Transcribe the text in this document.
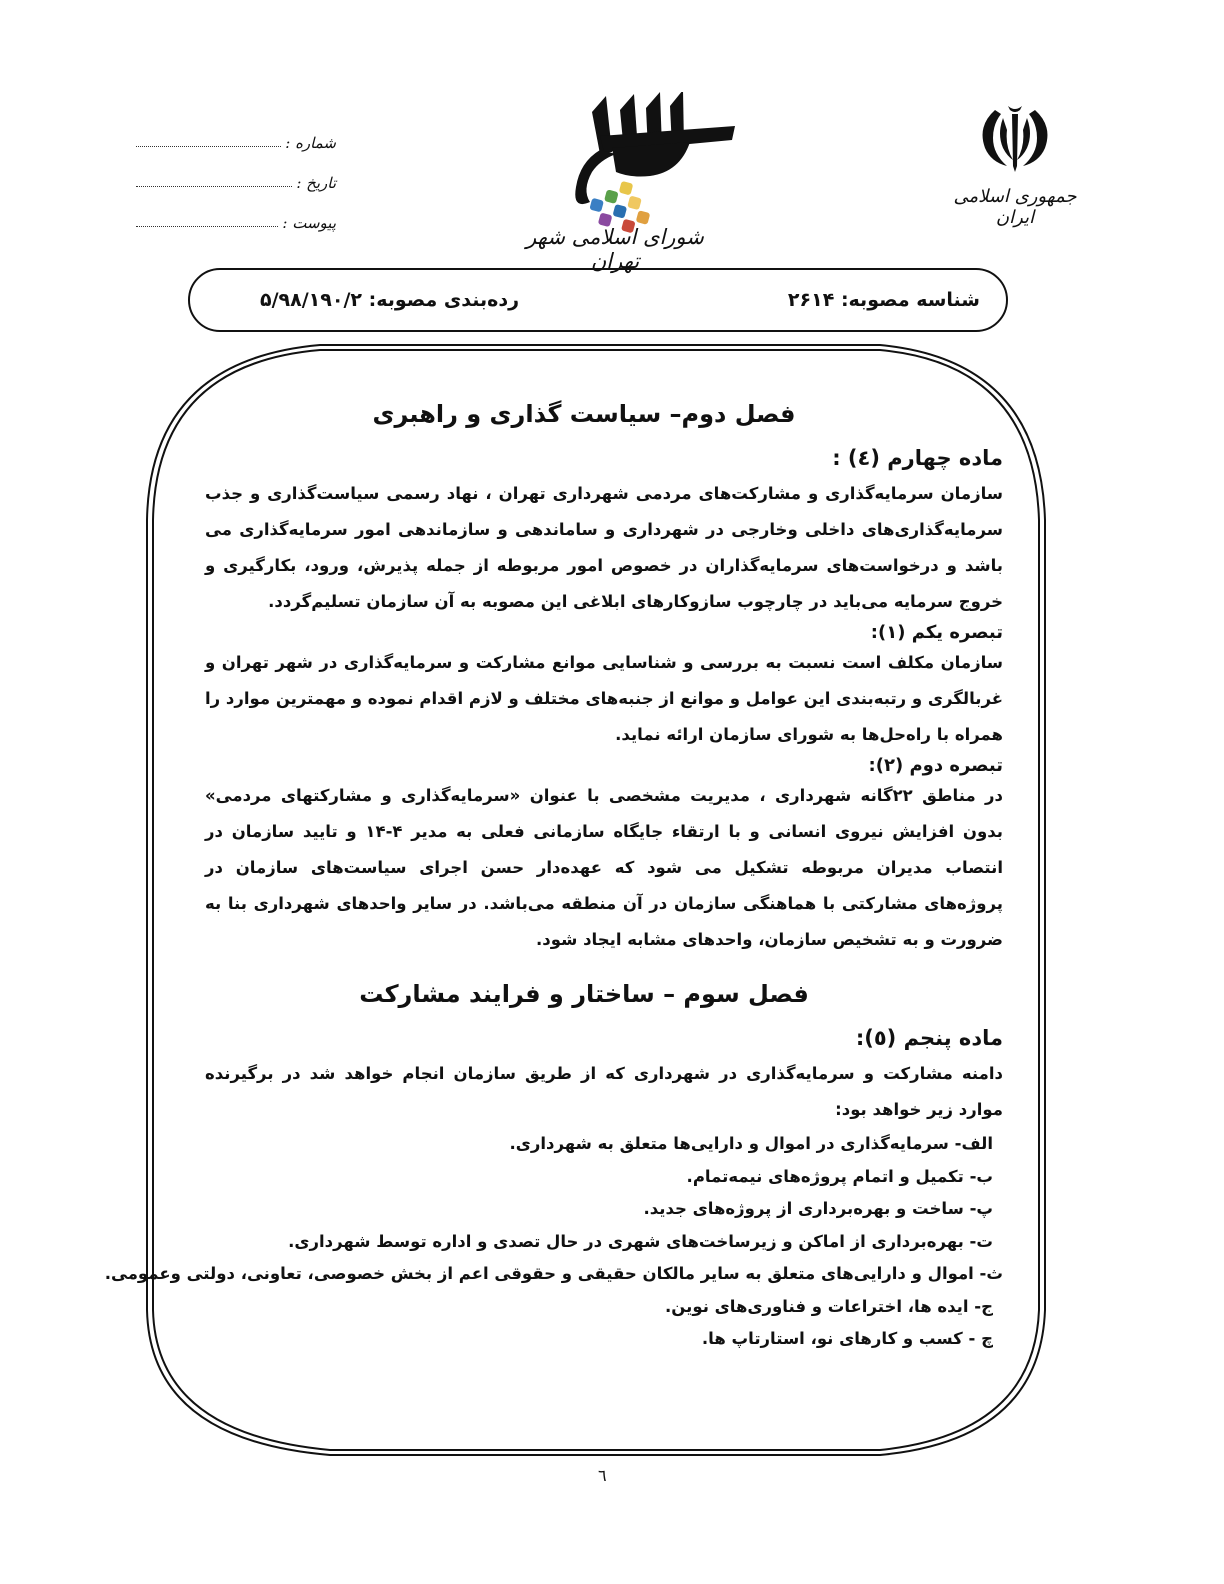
شماره :
تاریخ :
پیوست :
شورای اسلامی شهر تهران
جمهوری اسلامی ایران
شناسه مصوبه: ۲۶۱۴
رده‌بندی مصوبه: ۵/۹۸/۱۹۰/۲
فصل دوم– سیاست گذاری و راهبری
ماده چهارم (٤) :

سازمان سرمایه‌گذاری و مشارکت‌های مردمی شهرداری تهران ، نهاد رسمی سیاست‌گذاری و جذب سرمایه‌گذاری‌های داخلی وخارجی در شهرداری و ساماندهی و سازماندهی امور سرمایه‌گذاری می باشد و درخواست‌های سرمایه‌گذاران در خصوص امور مربوطه از جمله پذیرش، ورود، بکارگیری و خروج سرمایه می‌باید در چارچوب سازوکارهای ابلاغی این مصوبه به آن سازمان تسلیم‌گردد.

تبصره یکم (۱):

سازمان مکلف است نسبت به بررسی و شناسایی موانع مشارکت و سرمایه‌گذاری در شهر تهران و غربالگری و رتبه‌بندی این عوامل و موانع از جنبه‌های مختلف و لازم اقدام نموده و مهمترین موارد را همراه با راه‌حل‌ها به شورای سازمان ارائه نماید.

تبصره دوم (۲):

در مناطق ۲۲گانه شهرداری ، مدیریت مشخصی با عنوان «سرمایه‌گذاری و مشارکتهای مردمی» بدون افزایش نیروی انسانی و با ارتقاء جایگاه سازمانی فعلی به مدیر ۴-۱۴ و تایید سازمان در انتصاب مدیران مربوطه تشکیل می شود که عهده‌دار حسن اجرای سیاست‌های سازمان در پروژه‌های مشارکتی با هماهنگی سازمان در آن منطقه می‌باشد. در سایر واحدهای شهرداری بنا به ضرورت و به تشخیص سازمان، واحدهای مشابه ایجاد شود.

فصل سوم – ساختار و فرایند مشارکت
ماده پنجم (٥):

دامنه مشارکت و سرمایه‌گذاری در شهرداری که از طریق سازمان انجام خواهد شد در برگیرنده موارد زیر خواهد بود:

الف- سرمایه‌گذاری در اموال و دارایی‌ها متعلق به شهرداری.
ب- تکمیل و اتمام پروژه‌های نیمه‌تمام.
پ- ساخت و بهره‌برداری از پروژه‌های جدید.
ت- بهره‌برداری از اماکن و زیرساخت‌های شهری در حال تصدی و اداره توسط شهرداری.
ث- اموال و دارایی‌های متعلق به سایر مالکان حقیقی و حقوقی اعم از بخش خصوصی، تعاونی، دولتی وعمومی.
ج- ایده ها، اختراعات و فناوری‌های نوین.
چ - کسب و کارهای نو، استارتاپ ها.
٦
